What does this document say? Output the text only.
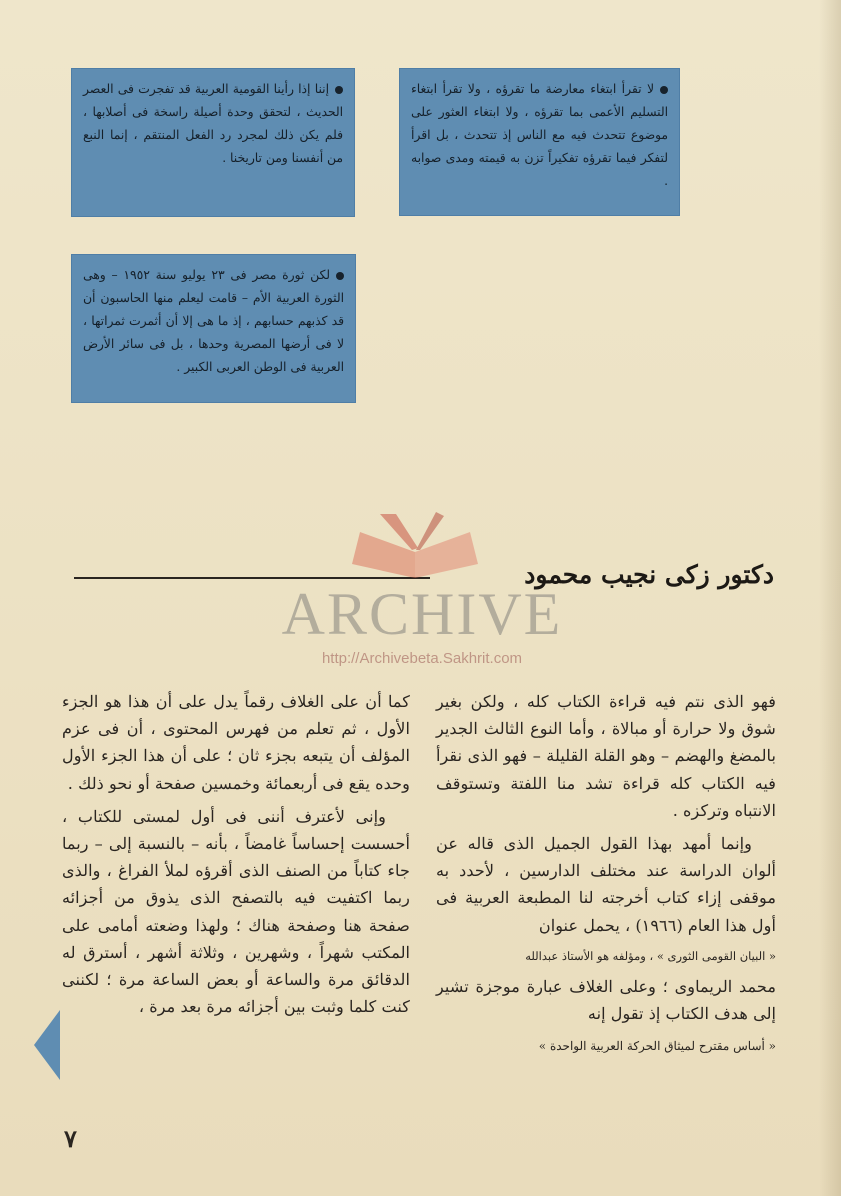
لا تقرأ ابتغاء معارضة ما تقرؤه ، ولا تقرأ ابتغاء التسليم الأعمى بما تقرؤه ، ولا ابتغاء العثور على موضوع تتحدث فيه مع الناس إذ تتحدث ، بل اقرأ لتفكر فيما تقرؤه تفكيراً تزن به قيمته ومدى صوابه .

إننا إذا رأينا القومية العربية قد تفجرت فى العصر الحديث ، لتحقق وحدة أصيلة راسخة فى أصلابها ، فلم يكن ذلك لمجرد رد الفعل المنتقم ، إنما النبع من أنفسنا ومن تاريخنا .

لكن ثورة مصر فى ٢٣ يوليو سنة ١٩٥٢ – وهى الثورة العربية الأم – قامت ليعلم منها الحاسبون أن قد كذبهم حسابهم ، إذ ما هى إلا أن أثمرت ثمراتها ، لا فى أرضها المصرية وحدها ، بل فى سائر الأرض العربية فى الوطن العربى الكبير .

دكتور زكى نجيب محمود
ARCHIVE
http://Archivebeta.Sakhrit.com

فهو الذى نتم فيه قراءة الكتاب كله ، ولكن بغير شوق ولا حرارة أو مبالاة ، وأما النوع الثالث الجدير بالمضغ والهضم – وهو القلة القليلة – فهو الذى نقرأ فيه الكتاب كله قراءة تشد منا اللفتة وتستوقف الانتباه وتركزه .

وإنما أمهد بهذا القول الجميل الذى قاله عن ألوان الدراسة عند مختلف الدارسين ، لأحدد به موقفى إزاء كتاب أخرجته لنا المطبعة العربية فى أول هذا العام (١٩٦٦) ، يحمل عنوان

« البيان القومى الثورى » ، ومؤلفه هو الأستاذ عبدالله

محمد الريماوى ؛ وعلى الغلاف عبارة موجزة تشير إلى هدف الكتاب إذ تقول إنه

« أساس مقترح لميثاق الحركة العربية الواحدة »

كما أن على الغلاف رقماً يدل على أن هذا هو الجزء الأول ، ثم تعلم من فهرس المحتوى ، أن فى عزم المؤلف أن يتبعه بجزء ثان ؛ على أن هذا الجزء الأول وحده يقع فى أربعمائة وخمسين صفحة أو نحو ذلك .

وإنى لأعترف أننى فى أول لمستى للكتاب ، أحسست إحساساً غامضاً ، بأنه – بالنسبة إلى – ربما جاء كتاباً من الصنف الذى أقرؤه لملأ الفراغ ، والذى ربما اكتفيت فيه بالتصفح الذى يذوق من أجزائه صفحة هنا وصفحة هناك ؛ ولهذا وضعته أمامى على المكتب شهراً ، وشهرين ، وثلاثة أشهر ، أسترق له الدقائق مرة والساعة أو بعض الساعة مرة ؛ لكننى كنت كلما وثبت بين أجزائه مرة بعد مرة ،

٧
